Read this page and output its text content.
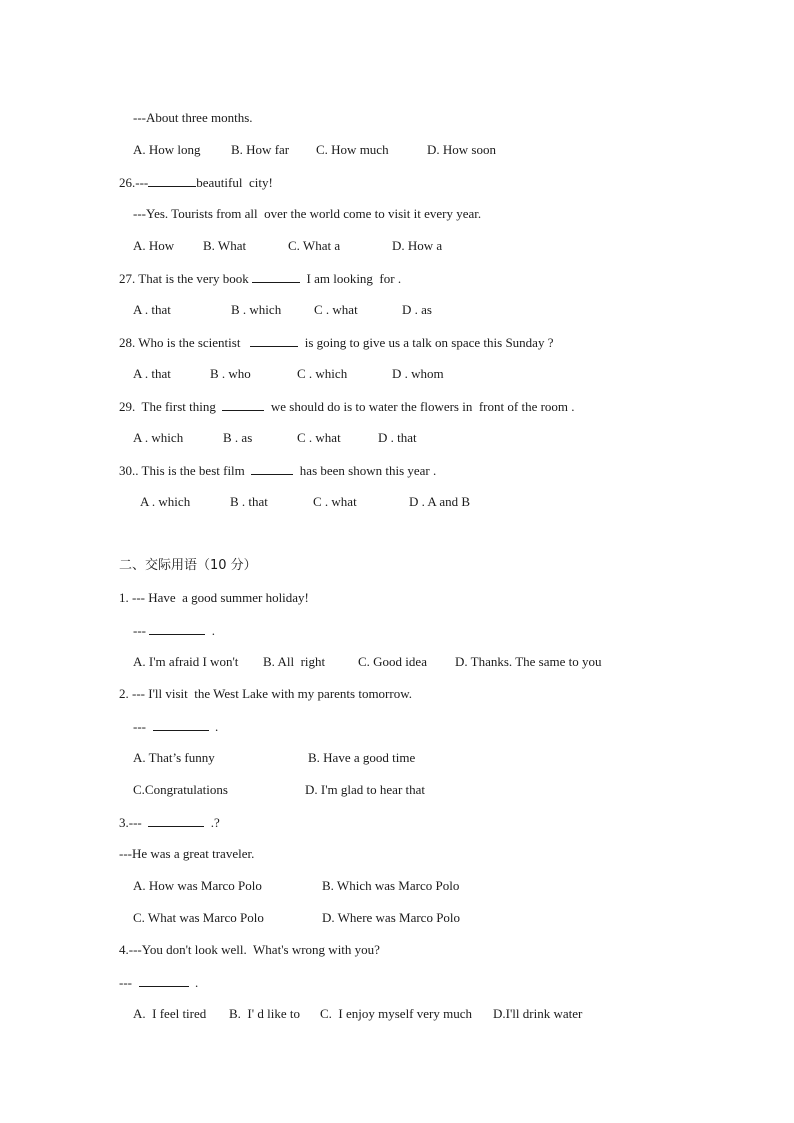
---About three months.
A. How long B. How far C. How much	D. How soon
26.---	beautiful  city!
---Yes. Tourists from all  over the world come to visit it every year.
A. How B. What	C. What a	D. How a
27. That is the very book	I am looking  for .
A . that	B . which	C . what	D . as
28. Who is the scientist	is going to give us a talk on space this Sunday ?
A . that	B . who	C . which	D . whom
29.  The first thing	we should do is to water the flowers in  front of the room .
A . which	B . as	C . what	D . that
30.. This is the best film	has been shown this year .
A . which	B . that	C . what	D . A and B
二、交际用语（10 分）
1. --- Have  a good summer holiday!
---	.
A. I'm afraid I won't B. All  right	C. Good idea D. Thanks. The same to you
2. --- I'll visit  the West Lake with my parents tomorrow.
---	.
A. That’s funny	B. Have a good time
C.Congratulations	D. I'm glad to hear that
3.---	.?
---He was a great traveler.
A. How was Marco Polo	B. Which was Marco Polo
C. What was Marco Polo	D. Where was Marco Polo
4.---You don't look well.  What's wrong with you?
---	.
A.  I feel tired B.  I' d like to C.  I enjoy myself very much D.I'll drink water
